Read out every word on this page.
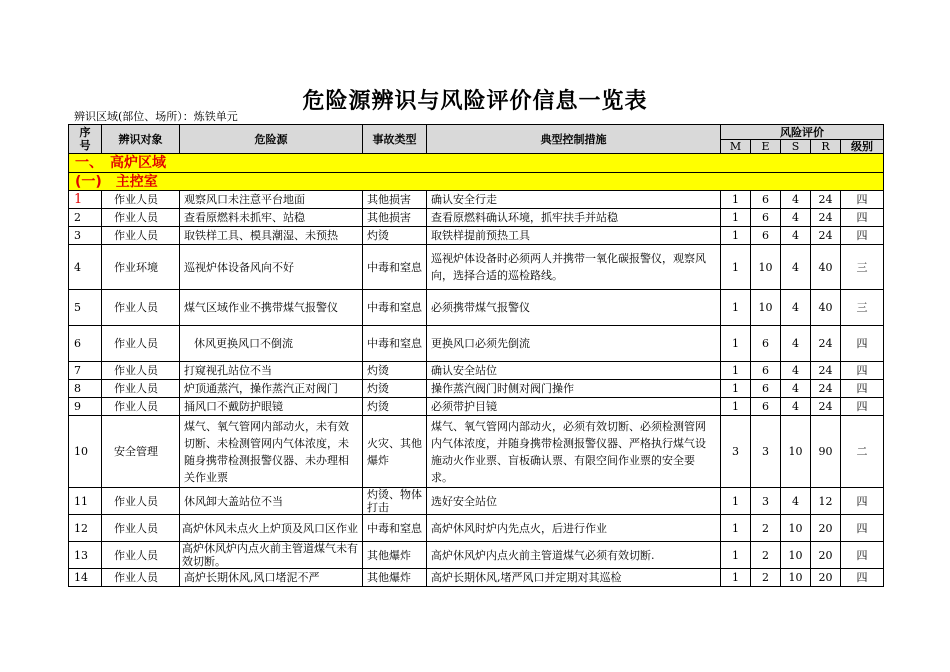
危险源辨识与风险评价信息一览表
辨识区域(部位、场所）：炼铁单元
序号	辨识对象	危险源	事故类型	典型控制措施	风险评价				
					M	E	S	R	级别
一、　高炉区域									
(一)　主控室									
1	作业人员	观察风口未注意平台地面	其他损害	确认安全行走	1	6	4	24	四
2	作业人员	查看原燃料未抓牢、站稳	其他损害	查看原燃料确认环境，抓牢扶手并站稳	1	6	4	24	四
3	作业人员	取铁样工具、模具潮湿、未预热	灼烫	取铁样提前预热工具	1	6	4	24	四
4	作业环境	巡视炉体设备风向不好	中毒和窒息	巡视炉体设备时必须两人并携带一氧化碳报警仪，观察风向，选择合适的巡检路线。	1	10	4	40	三
5	作业人员	煤气区域作业不携带煤气报警仪	中毒和窒息	必须携带煤气报警仪	1	10	4	40	三
6	作业人员	休风更换风口不倒流	中毒和窒息	更换风口必须先倒流	1	6	4	24	四
7	作业人员	打窥视孔站位不当	灼烫	确认安全站位	1	6	4	24	四
8	作业人员	炉顶通蒸汽，操作蒸汽正对阀门	灼烫	操作蒸汽阀门时侧对阀门操作	1	6	4	24	四
9	作业人员	捅风口不戴防护眼镜	灼烫	必须带护目镜	1	6	4	24	四
10	安全管理	煤气、氧气管网内部动火，未有效切断、未检测管网内气体浓度，未随身携带检测报警仪器、未办理相关作业票	火灾、其他爆炸	煤气、氧气管网内部动火，必须有效切断、必须检测管网内气体浓度，并随身携带检测报警仪器、严格执行煤气设施动火作业票、盲板确认票、有限空间作业票的安全要求。	3	3	10	90	二
11	作业人员	休风卸大盖站位不当	灼烫、物体打击	选好安全站位	1	3	4	12	四
12	作业人员	高炉休风未点火上炉顶及风口区作业	中毒和窒息	高炉休风时炉内先点火，后进行作业	1	2	10	20	四
13	作业人员	高炉休风炉内点火前主管道煤气未有效切断。	其他爆炸	高炉休风炉内点火前主管道煤气必须有效切断.	1	2	10	20	四
14	作业人员	高炉长期休风,风口堵泥不严	其他爆炸	高炉长期休风,堵严风口并定期对其巡检	1	2	10	20	四
